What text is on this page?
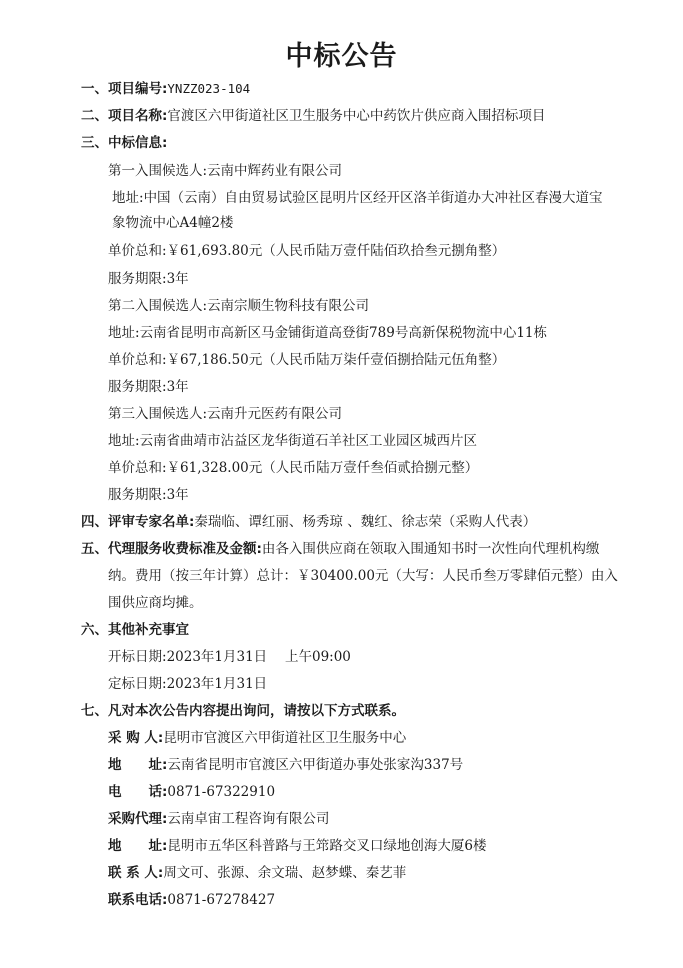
中标公告
一、项目编号:YNZZ023-104
二、项目名称:官渡区六甲街道社区卫生服务中心中药饮片供应商入围招标项目
三、中标信息:
第一入围候选人:云南中辉药业有限公司
地址:中国（云南）自由贸易试验区昆明片区经开区洛羊街道办大冲社区春漫大道宝
象物流中心A4幢2楼
单价总和:￥61,693.80元（人民币陆万壹仟陆佰玖拾叁元捌角整）
服务期限:3年
第二入围候选人:云南宗顺生物科技有限公司
地址:云南省昆明市高新区马金铺街道高登街789号高新保税物流中心11栋
单价总和:￥67,186.50元（人民币陆万柒仟壹佰捌拾陆元伍角整）
服务期限:3年
第三入围候选人:云南升元医药有限公司
地址:云南省曲靖市沾益区龙华街道石羊社区工业园区城西片区
单价总和:￥61,328.00元（人民币陆万壹仟叁佰贰拾捌元整）
服务期限:3年
四、评审专家名单:秦瑞临、谭红丽、杨秀琼 、魏红、徐志荣（采购人代表）
五、代理服务收费标准及金额:由各入围供应商在领取入围通知书时一次性向代理机构缴
纳。费用（按三年计算）总计：￥30400.00元（大写：人民币叁万零肆佰元整）由入
围供应商均摊。
六、其他补充事宜
开标日期:2023年1月31日　 上午09:00
定标日期:2023年1月31日
七、凡对本次公告内容提出询问，请按以下方式联系。
采 购 人:昆明市官渡区六甲街道社区卫生服务中心
地　　址:云南省昆明市官渡区六甲街道办事处张家沟337号
电　　话:0871-67322910
采购代理:云南卓宙工程咨询有限公司
地　　址:昆明市五华区科普路与王筇路交叉口绿地创海大厦6楼
联 系 人:周文可、张源、余文瑞、赵梦蝶、秦艺菲
联系电话:0871-67278427
